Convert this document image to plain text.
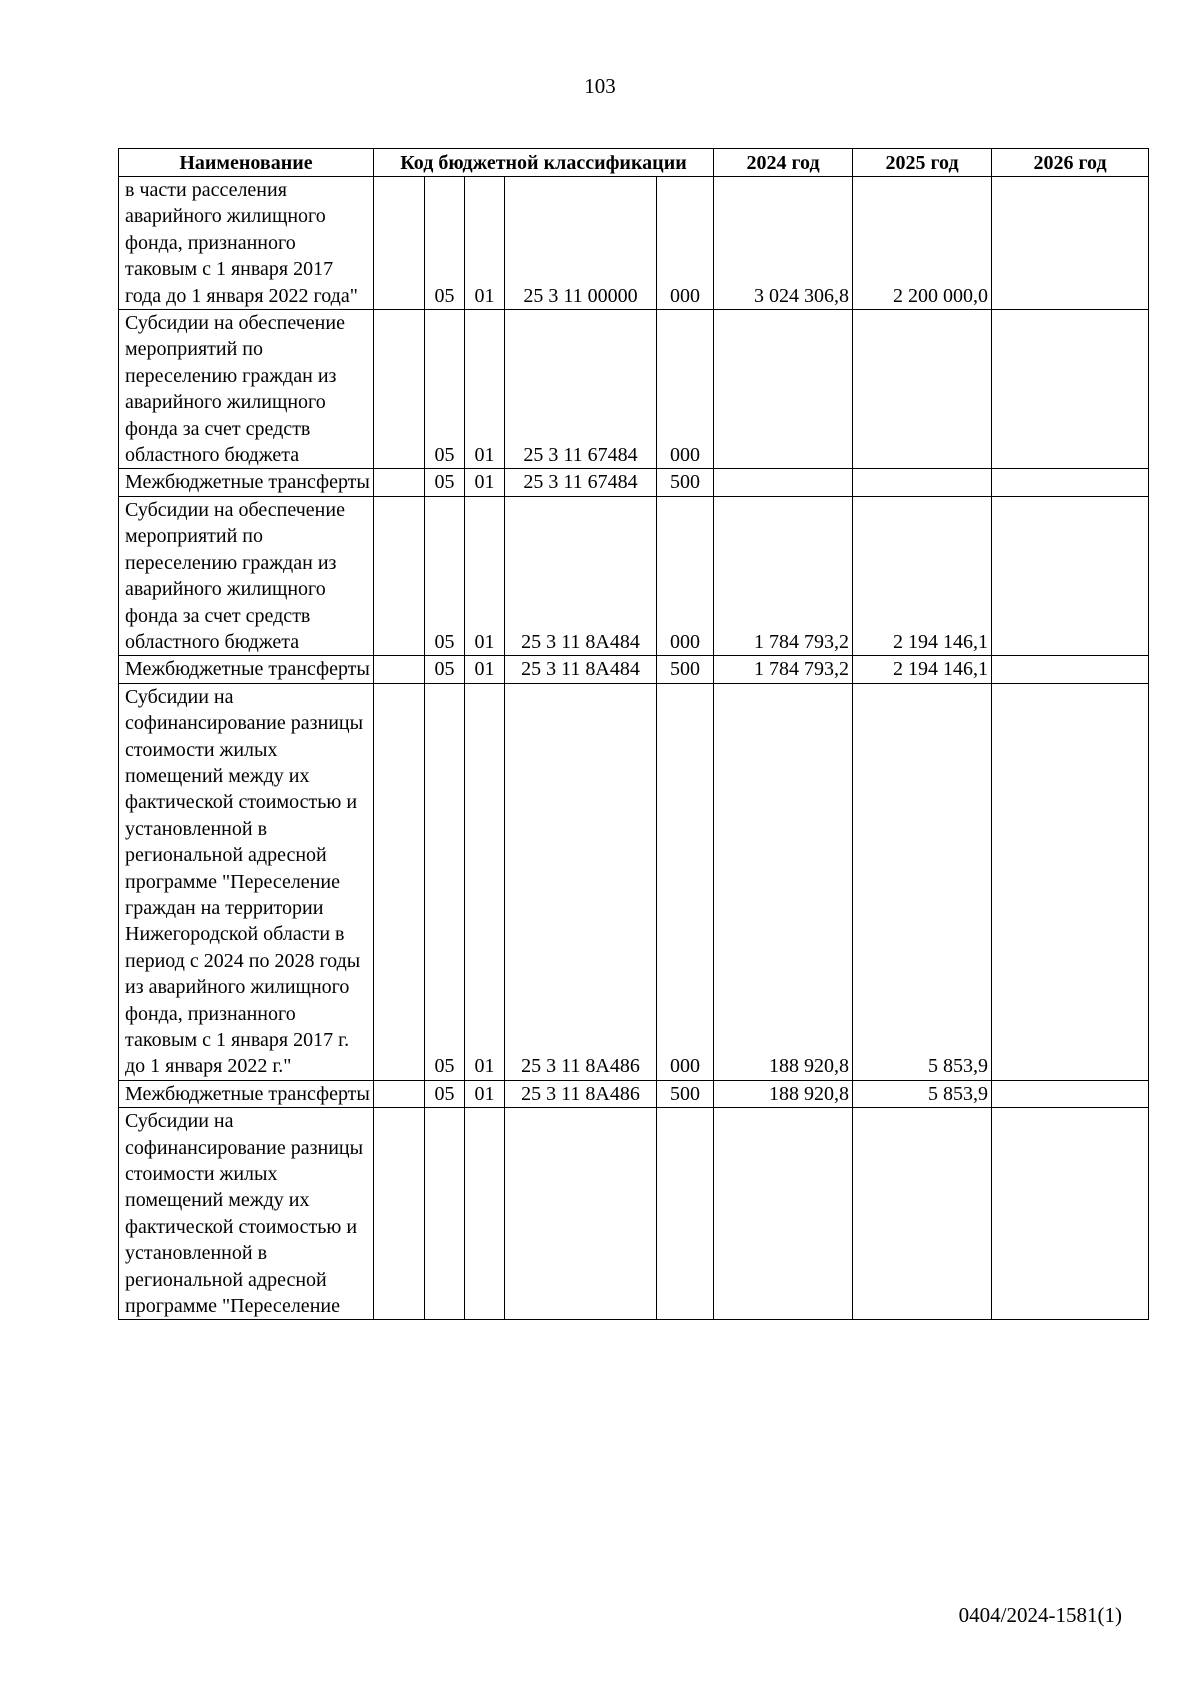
103
Наименование	Код бюджетной классификации					2024 год	2025 год	2026 год
в части расселения аварийного жилищного фонда, признанного таковым с 1 января 2017 года до 1 января 2022 года"		05	01	25 3 11 00000	000	3 024 306,8	2 200 000,0	
Субсидии на обеспечение мероприятий по переселению граждан из аварийного жилищного фонда за счет средств областного бюджета		05	01	25 3 11 67484	000			
Межбюджетные трансферты		05	01	25 3 11 67484	500			
Субсидии на обеспечение мероприятий по переселению граждан из аварийного жилищного фонда за счет средств областного бюджета		05	01	25 3 11 8А484	000	1 784 793,2	2 194 146,1	
Межбюджетные трансферты		05	01	25 3 11 8А484	500	1 784 793,2	2 194 146,1	
Субсидии на софинансирование разницы стоимости жилых помещений между их фактической стоимостью и установленной в региональной адресной программе "Переселение граждан на территории Нижегородской области в период с 2024 по 2028 годы из аварийного жилищного фонда, признанного таковым с 1 января 2017 г. до 1 января 2022 г."		05	01	25 3 11 8А486	000	188 920,8	5 853,9	
Межбюджетные трансферты		05	01	25 3 11 8А486	500	188 920,8	5 853,9	
Субсидии на софинансирование разницы стоимости жилых помещений между их фактической стоимостью и установленной в региональной адресной программе "Переселение								
0404/2024-1581(1)
